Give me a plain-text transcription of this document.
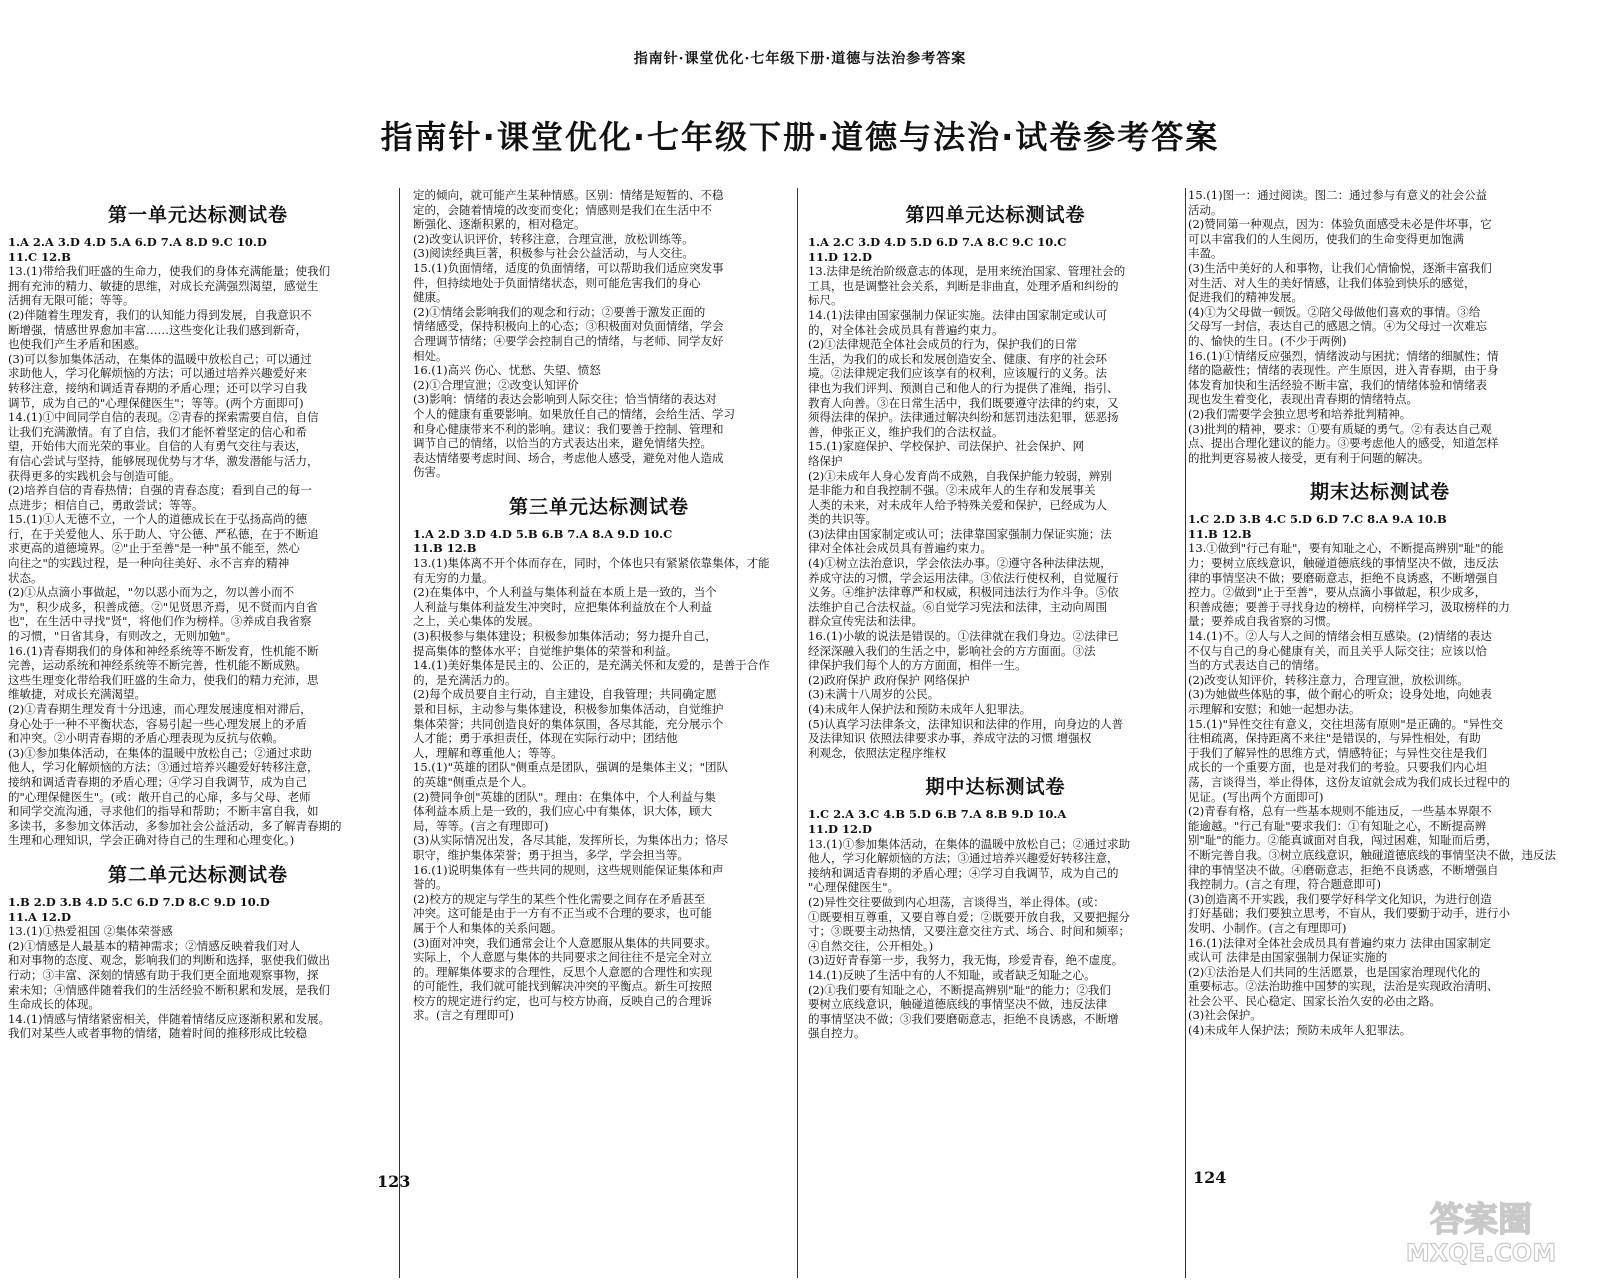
指南针·课堂优化·七年级下册·道德与法治参考答案
指南针·课堂优化·七年级下册·道德与法治·试卷参考答案
第一单元达标测试卷
1.A 2.A 3.D 4.D 5.A 6.D 7.A 8.D 9.C 10.D
11.C 12.B
13.(1)带给我们旺盛的生命力，使我们的身体充满能量；使我们
拥有充沛的精力、敏捷的思维，对成长充满强烈渴望，感觉生
活拥有无限可能；等等。
(2)伴随着生理发育，我们的认知能力得到发展，自我意识不
断增强，情感世界愈加丰富……这些变化让我们感到新奇，
也使我们产生矛盾和困惑。
(3)可以参加集体活动，在集体的温暖中放松自己；可以通过
求助他人，学习化解烦恼的方法；可以通过培养兴趣爱好来
转移注意，接纳和调适青春期的矛盾心理；还可以学习自我
调节，成为自己的"心理保健医生"；等等。(两个方面即可)
14.(1)①中间同学自信的表现。②青春的探索需要自信，自信
让我们充满激情。有了自信，我们才能怀着坚定的信心和希
望，开始伟大而光荣的事业。自信的人有勇气交往与表达，
有信心尝试与坚持，能够展现优势与才华，激发潜能与活力，
获得更多的实践机会与创造可能。
(2)培养自信的青春热情；自强的青春态度；看到自己的每一
点进步；相信自己，勇敢尝试；等等。
15.(1)①人无德不立，一个人的道德成长在于弘扬高尚的德
行，在于关爱他人、乐于助人、守公德、严私德，在于不断追
求更高的道德境界。②"止于至善"是一种"虽不能至，然心
向往之"的实践过程，是一种向往美好、永不言弃的精神
状态。
(2)①从点滴小事做起，"勿以恶小而为之，勿以善小而不
为"，积少成多，积善成德。②"见贤思齐焉，见不贤而内自省
也"，在生活中寻找"贤"，将他们作为榜样。③养成自我省察
的习惯，"日省其身，有则改之，无则加勉"。
16.(1)青春期我们的身体和神经系统等不断发育，性机能不断
完善，运动系统和神经系统等不断完善，性机能不断成熟。
这些生理变化带给我们旺盛的生命力，使我们的精力充沛，思
维敏捷，对成长充满渴望。
(2)①青春期生理发育十分迅速，而心理发展速度相对滞后，
身心处于一种不平衡状态，容易引起一些心理发展上的矛盾
和冲突。②小明青春期的矛盾心理表现为反抗与依赖。
(3)①参加集体活动，在集体的温暖中放松自己；②通过求助
他人，学习化解烦恼的方法；③通过培养兴趣爱好转移注意，
接纳和调适青春期的矛盾心理；④学习自我调节，成为自己
的"心理保健医生"。(或：敞开自己的心扉，多与父母、老师
和同学交流沟通，寻求他们的指导和帮助；不断丰富自我，如
多读书，多参加文体活动，多参加社会公益活动，多了解青春期的
生理和心理知识，学会正确对待自己的生理和心理变化。)
第二单元达标测试卷
1.B 2.D 3.B 4.D 5.C 6.D 7.D 8.C 9.D 10.D
11.A 12.D
13.(1)①热爱祖国 ②集体荣誉感
(2)①情感是人最基本的精神需求；②情感反映着我们对人
和对事物的态度、观念，影响我们的判断和选择，驱使我们做出
行动；③丰富、深刻的情感有助于我们更全面地观察事物，探
索未知；④情感伴随着我们的生活经验不断积累和发展，是我们
生命成长的体现。
14.(1)情感与情绪紧密相关，伴随着情绪反应逐渐积累和发展。
我们对某些人或者事物的情绪，随着时间的推移形成比较稳
定的倾向，就可能产生某种情感。区别：情绪是短暂的、不稳
定的，会随着情境的改变而变化；情感则是我们在生活中不
断强化、逐渐积累的，相对稳定。
(2)改变认识评价，转移注意，合理宣泄，放松训练等。
(3)阅读经典巨著，积极参与社会公益活动，与人交往。
15.(1)负面情绪，适度的负面情绪，可以帮助我们适应突发事
件，但持续地处于负面情绪状态，则可能危害我们的身心
健康。
(2)①情绪会影响我们的观念和行动；②要善于激发正面的
情绪感受，保持积极向上的心态；③积极面对负面情绪，学会
合理调节情绪；④要学会控制自己的情绪，与老师、同学友好
相处。
16.(1)高兴 伤心、忧愁、失望、愤怒
(2)①合理宣泄；②改变认知评价
(3)影响：情绪的表达会影响到人际交往；恰当情绪的表达对
个人的健康有重要影响。如果放任自己的情绪，会给生活、学习
和身心健康带来不利的影响。建议：我们要善于控制、管理和
调节自己的情绪，以恰当的方式表达出来，避免情绪失控。
表达情绪要考虑时间、场合，考虑他人感受，避免对他人造成
伤害。
第三单元达标测试卷
1.A 2.D 3.D 4.D 5.B 6.B 7.A 8.A 9.D 10.C
11.B 12.B
13.(1)集体离不开个体而存在，同时，个体也只有紧紧依靠集体，才能
有无穷的力量。
(2)在集体中，个人利益与集体利益在本质上是一致的，当个
人利益与集体利益发生冲突时，应把集体利益放在个人利益
之上，关心集体的发展。
(3)积极参与集体建设；积极参加集体活动；努力提升自己，
提高集体的整体水平；自觉维护集体的荣誉和利益。
14.(1)美好集体是民主的、公正的，是充满关怀和友爱的，是善于合作
的，是充满活力的。
(2)每个成员要自主行动，自主建设，自我管理；共同确定愿
景和目标，主动参与集体建设，积极参加集体活动，自觉维护
集体荣誉；共同创造良好的集体氛围，各尽其能，充分展示个
人才能；勇于承担责任，体现在实际行动中；团结他
人，理解和尊重他人；等等。
15.(1)"英雄的团队"侧重点是团队，强调的是集体主义；"团队
的英雄"侧重点是个人。
(2)赞同争创"英雄的团队"。理由：在集体中，个人利益与集
体利益本质上是一致的，我们应心中有集体，识大体，顾大
局，等等。(言之有理即可)
(3)从实际情况出发，各尽其能，发挥所长，为集体出力；恪尽
职守，维护集体荣誉；勇于担当，多学，学会担当等。
16.(1)说明集体有一些共同的规则，这些规则能保证集体和声
誉的。
(2)校方的规定与学生的某些个性化需要之间存在矛盾甚至
冲突。这可能是由于一方有不正当或不合理的要求，也可能
属于个人和集体的关系问题。
(3)面对冲突，我们通常会让个人意愿服从集体的共同要求。
实际上，个人意愿与集体的共同要求之间往往不是完全对立
的。理解集体要求的合理性，反思个人意愿的合理性和实现
的可能性，我们就可能找到解决冲突的平衡点。新生可按照
校方的规定进行约定，也可与校方协商，反映自己的合理诉
求。(言之有理即可)
第四单元达标测试卷
1.A 2.C 3.D 4.D 5.D 6.D 7.A 8.C 9.C 10.C
11.D 12.D
13.法律是统治阶级意志的体现，是用来统治国家、管理社会的
工具，也是调整社会关系，判断是非曲直，处理矛盾和纠纷的
标尺。
14.(1)法律由国家强制力保证实施。法律由国家制定或认可
的，对全体社会成员具有普遍约束力。
(2)①法律规范全体社会成员的行为，保护我们的日常
生活，为我们的成长和发展创造安全、健康、有序的社会环
境。②法律规定我们应该享有的权利，应该履行的义务。法
律也为我们评判、预测自己和他人的行为提供了准绳，指引、
教育人向善。③在日常生活中，我们既要遵守法律的约束，又
须得法律的保护。法律通过解决纠纷和惩罚违法犯罪，惩恶扬
善，伸张正义，维护我们的合法权益。
15.(1)家庭保护、学校保护、司法保护、社会保护、网
络保护
(2)①未成年人身心发育尚不成熟，自我保护能力较弱，辨别
是非能力和自我控制不强。②未成年人的生存和发展事关
人类的未来，对未成年人给予特殊关爱和保护，已经成为人
类的共识等。
(3)法律由国家制定或认可；法律靠国家强制力保证实施；法
律对全体社会成员具有普遍约束力。
(4)①树立法治意识，学会依法办事。②遵守各种法律法规，
养成守法的习惯，学会运用法律。③依法行使权利，自觉履行
义务。④维护法律尊严和权威，积极同违法行为作斗争。⑤依
法维护自己合法权益。⑥自觉学习宪法和法律，主动向周围
群众宣传宪法和法律。
16.(1)小敏的说法是错误的。①法律就在我们身边。②法律已
经深深融入我们的生活之中，影响社会的方方面面。③法
律保护我们每个人的方方面面，相伴一生。
(2)政府保护 政府保护 网络保护
(3)未满十八周岁的公民。
(4)未成年人保护法和预防未成年人犯罪法。
(5)认真学习法律条文，法律知识和法律的作用，向身边的人普
及法律知识 依照法律要求办事，养成守法的习惯 增强权
利观念，依照法定程序维权
期中达标测试卷
1.C 2.A 3.C 4.B 5.D 6.B 7.A 8.B 9.D 10.A
11.D 12.D
13.(1)①参加集体活动，在集体的温暖中放松自己；②通过求助
他人，学习化解烦恼的方法；③通过培养兴趣爱好转移注意，
接纳和调适青春期的矛盾心理；④学习自我调节，成为自己的
"心理保健医生"。
(2)异性交往要做到内心坦荡，言谈得当，举止得体。(或：
①既要相互尊重，又要自尊自爱；②既要开放自我，又要把握分
寸；③既要主动热情，又要注意交往方式、场合、时间和频率；
④自然交往，公开相处。)
(3)迈好青春第一步，我努力，我无悔，珍爱青春，绝不虚度。
14.(1)反映了生活中有的人不知耻，或者缺乏知耻之心。
(2)①我们要有知耻之心，不断提高辨别"耻"的能力；②我们
要树立底线意识，触碰道德底线的事情坚决不做，违反法律
的事情坚决不做；③我们要磨砺意志，拒绝不良诱惑，不断增
强自控力。
15.(1)图一：通过阅读。图二：通过参与有意义的社会公益
活动。
(2)赞同第一种观点，因为：体验负面感受未必是件坏事，它
可以丰富我们的人生阅历，使我们的生命变得更加饱满
丰盈。
(3)生活中美好的人和事物，让我们心情愉悦，逐渐丰富我们
对生活、对人生的美好情感，让我们体验到快乐的感觉，
促进我们的精神发展。
(4)①为父母做一顿饭。②陪父母做他们喜欢的事情。③给
父母写一封信，表达自己的感恩之情。④为父母过一次难忘
的、愉快的生日。(不少于两例)
16.(1)①情绪反应强烈，情绪波动与困扰；情绪的细腻性；情
绪的隐蔽性；情绪的表现性。产生原因，进入青春期，由于身
体发育加快和生活经验不断丰富，我们的情绪体验和情绪表
现也发生着变化，表现出青春期的情绪特点。
(2)我们需要学会独立思考和培养批判精神。
(3)批判的精神，要求：①要有质疑的勇气。②有表达自己观
点、提出合理化建议的能力。③要考虑他人的感受，知道怎样
的批判更容易被人接受，更有利于问题的解决。
期末达标测试卷
1.C 2.D 3.B 4.C 5.D 6.D 7.C 8.A 9.A 10.B
11.B 12.B
13.①做到"行己有耻"，要有知耻之心，不断提高辨别"耻"的能
力；要树立底线意识，触碰道德底线的事情坚决不做，违反法
律的事情坚决不做；要磨砺意志，拒绝不良诱惑，不断增强自
控力。②做到"止于至善"，要从点滴小事做起，积少成多，
积善成德；要善于寻找身边的榜样，向榜样学习，汲取榜样的力
量；要养成自我省察的习惯。
14.(1)不。②人与人之间的情绪会相互感染。(2)情绪的表达
不仅与自己的身心健康有关，而且关乎人际交往；应该以恰
当的方式表达自己的情绪。
(2)改变认知评价，转移注意力，合理宣泄，放松训练。
(3)为她做些体贴的事，做个耐心的听众；设身处地，向她表
示理解和安慰；和她一起想办法。
15.(1)"异性交往有意义，交往坦荡有原则"是正确的。"异性交
往相疏离，保持距离不来往"是错误的，与异性相处，有助
于我们了解异性的思维方式，情感特征；与异性交往是我们
成长的一个重要方面，也是对我们的考验。只要我们内心坦
荡，言谈得当，举止得体，这份友谊就会成为我们成长过程中的
见证。(写出两个方面即可)
(2)青春有格，总有一些基本规则不能违反，一些基本界限不
能逾越。"行己有耻"要求我们：①有知耻之心，不断提高辨
别"耻"的能力。②能真诚面对自我，闯过困难，知耻而后勇，
不断完善自我。③树立底线意识，触碰道德底线的事情坚决不做，违反法
律的事情坚决不做。④磨砺意志，拒绝不良诱惑，不断增强自
我控制力。(言之有理，符合题意即可)
(3)创造离不开实践，我们要学好科学文化知识，为进行创造
打好基础；我们要独立思考，不盲从，我们要勤于动手，进行小
发明、小制作。(言之有理即可)
16.(1)法律对全体社会成员具有普遍约束力 法律由国家制定
或认可 法律是由国家强制力保证实施的
(2)①法治是人们共同的生活愿景，也是国家治理现代化的
重要标志。②法治助推中国梦的实现，法治是实现政治清明、
社会公平、民心稳定、国家长治久安的必由之路。
(3)社会保护。
(4)未成年人保护法；预防未成年人犯罪法。
123	124
答案圈
MXQE.COM
